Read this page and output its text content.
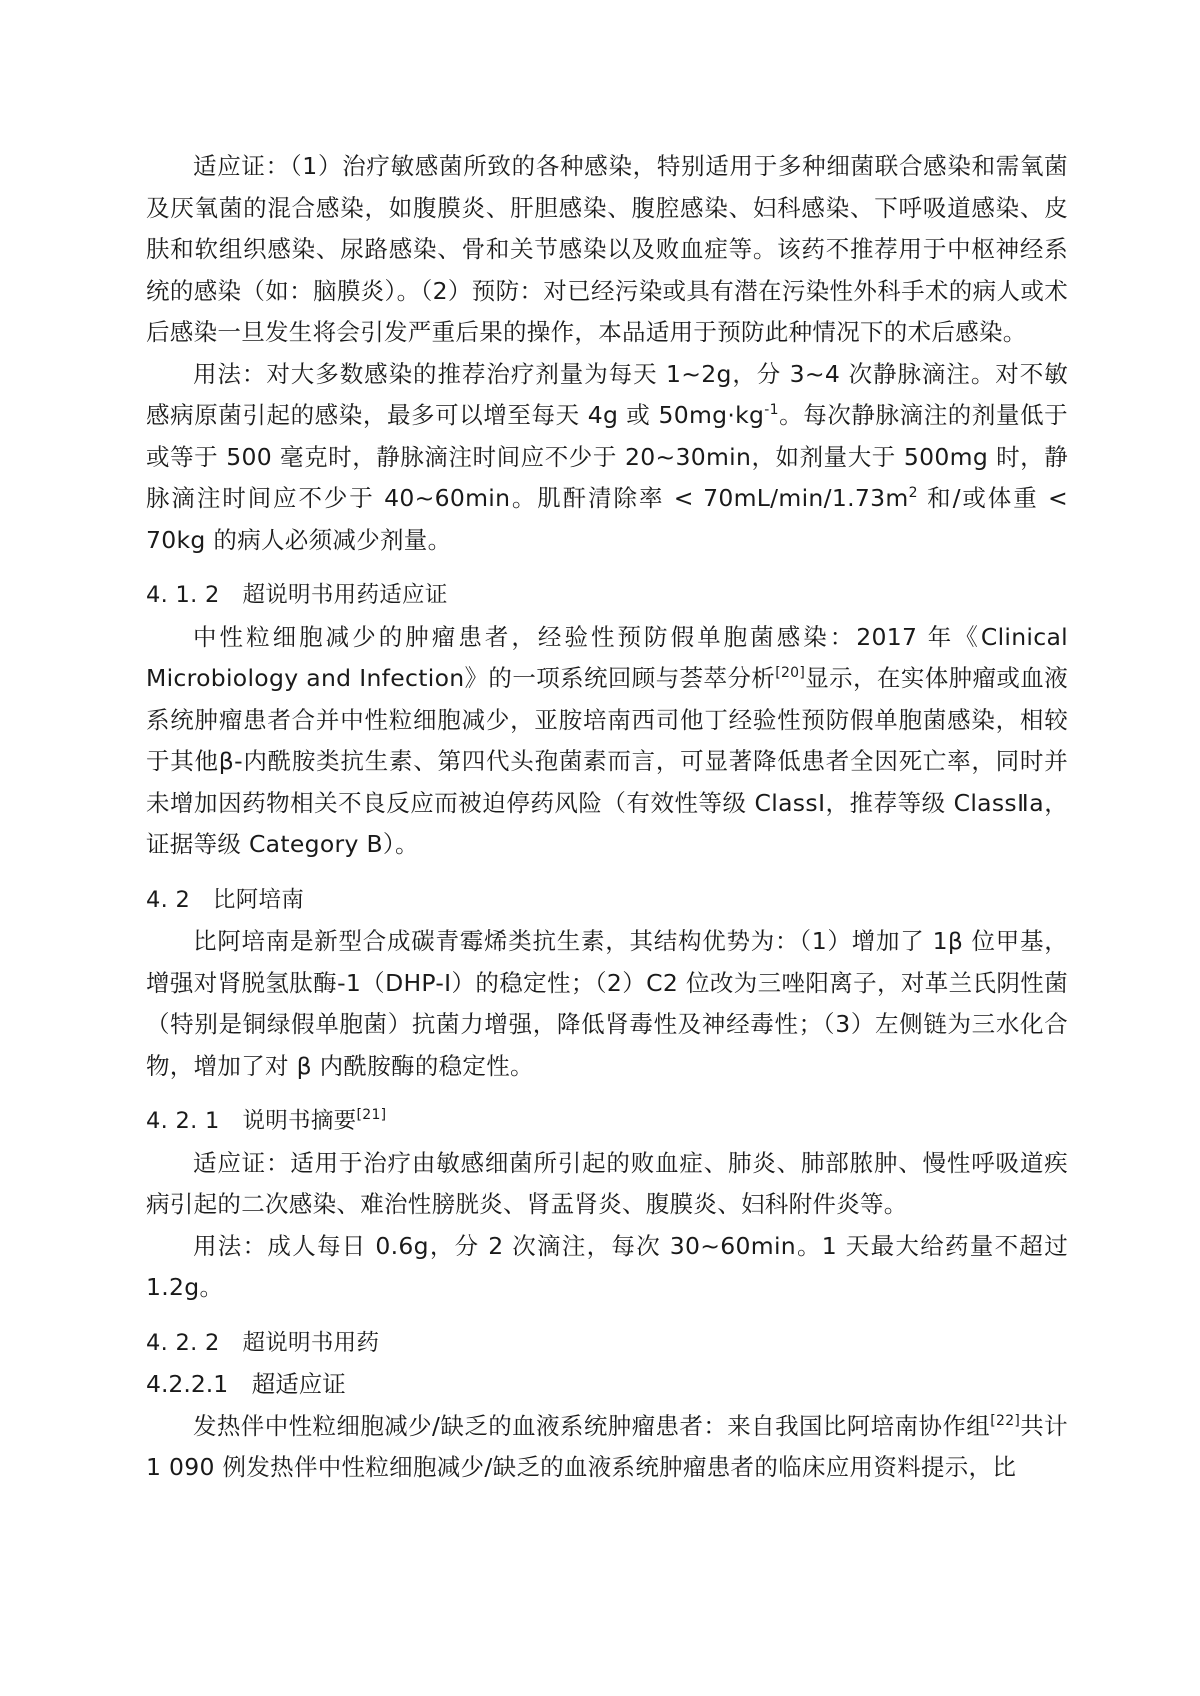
适应证：（1）治疗敏感菌所致的各种感染，特别适用于多种细菌联合感染和需氧菌及厌氧菌的混合感染，如腹膜炎、肝胆感染、腹腔感染、妇科感染、下呼吸道感染、皮肤和软组织感染、尿路感染、骨和关节感染以及败血症等。该药不推荐用于中枢神经系统的感染（如：脑膜炎）。（2）预防：对已经污染或具有潜在污染性外科手术的病人或术后感染一旦发生将会引发严重后果的操作，本品适用于预防此种情况下的术后感染。

用法：对大多数感染的推荐治疗剂量为每天 1~2g，分 3~4 次静脉滴注。对不敏感病原菌引起的感染，最多可以增至每天 4g 或 $50mg\cdot kg^{-1}$。每次静脉滴注的剂量低于或等于 500 毫克时，静脉滴注时间应不少于 20~30min，如剂量大于 500mg 时，静脉滴注时间应不少于 40~60min。肌酐清除率 < $70mL/\min/1.73m^2$ 和/或体重 < 70kg 的病人必须减少剂量。

4. 1. 2　超说明书用药适应证

中性粒细胞减少的肿瘤患者，经验性预防假单胞菌感染：2017 年《Clinical Microbiology and Infection》的一项系统回顾与荟萃分析[20]显示，在实体肿瘤或血液系统肿瘤患者合并中性粒细胞减少，亚胺培南西司他丁经验性预防假单胞菌感染，相较于其他β-内酰胺类抗生素、第四代头孢菌素而言，可显著降低患者全因死亡率，同时并未增加因药物相关不良反应而被迫停药风险（有效性等级 ClassⅠ，推荐等级 ClassⅡa，证据等级 Category B）。

4. 2　比阿培南

比阿培南是新型合成碳青霉烯类抗生素，其结构优势为：（1）增加了 1β 位甲基，增强对肾脱氢肽酶-1（DHP-I）的稳定性；（2）C2 位改为三唑阳离子，对革兰氏阴性菌（特别是铜绿假单胞菌）抗菌力增强，降低肾毒性及神经毒性；（3）左侧链为三水化合物，增加了对 β 内酰胺酶的稳定性。

4. 2. 1　说明书摘要[21]

适应证：适用于治疗由敏感细菌所引起的败血症、肺炎、肺部脓肿、慢性呼吸道疾病引起的二次感染、难治性膀胱炎、肾盂肾炎、腹膜炎、妇科附件炎等。

用法：成人每日 0.6g，分 2 次滴注，每次 30~60min。1 天最大给药量不超过 1.2g。

4. 2. 2　超说明书用药

4.2.2.1　超适应证

发热伴中性粒细胞减少/缺乏的血液系统肿瘤患者：来自我国比阿培南协作组[22]共计 1 090 例发热伴中性粒细胞减少/缺乏的血液系统肿瘤患者的临床应用资料提示，比
